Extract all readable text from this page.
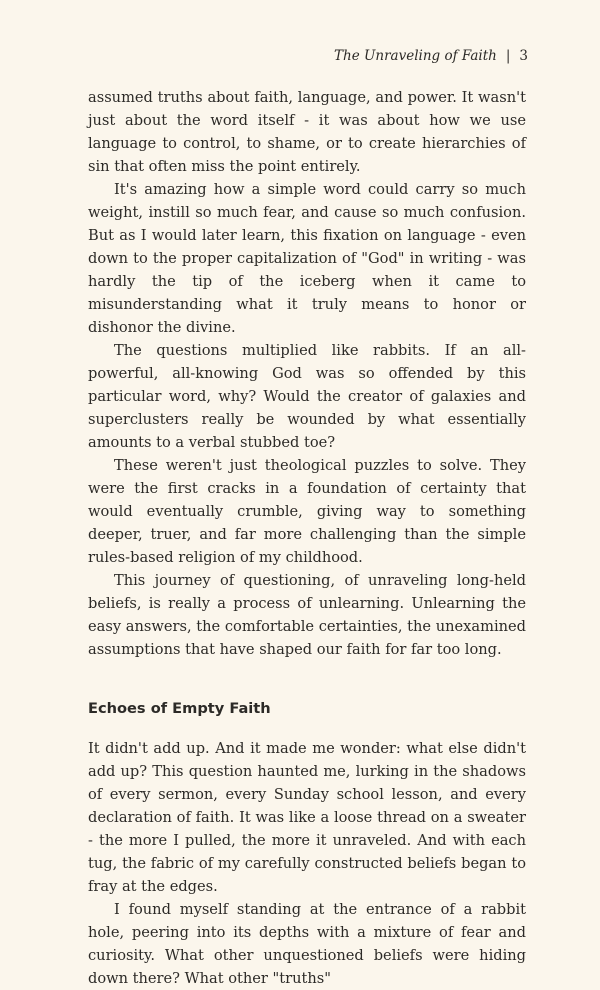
The Unraveling of Faith | 3

assumed truths about faith, language, and power. It wasn't just about the word itself - it was about how we use language to control, to shame, or to create hierarchies of sin that often miss the point entirely.

It's amazing how a simple word could carry so much weight, instill so much fear, and cause so much confusion. But as I would later learn, this fixation on language - even down to the proper capitalization of "God" in writing - was hardly the tip of the iceberg when it came to misunderstanding what it truly means to honor or dishonor the divine.

The questions multiplied like rabbits. If an all-powerful, all-knowing God was so offended by this particular word, why? Would the creator of galaxies and superclusters really be wounded by what essentially amounts to a verbal stubbed toe?

These weren't just theological puzzles to solve. They were the first cracks in a foundation of certainty that would eventually crumble, giving way to something deeper, truer, and far more challenging than the simple rules-based religion of my childhood.

This journey of questioning, of unraveling long-held beliefs, is really a process of unlearning. Unlearning the easy answers, the comfortable certainties, the unexamined assumptions that have shaped our faith for far too long.

Echoes of Empty Faith

It didn't add up. And it made me wonder: what else didn't add up? This question haunted me, lurking in the shadows of every sermon, every Sunday school lesson, and every declaration of faith. It was like a loose thread on a sweater - the more I pulled, the more it unraveled. And with each tug, the fabric of my carefully constructed beliefs began to fray at the edges.

I found myself standing at the entrance of a rabbit hole, peering into its depths with a mixture of fear and curiosity. What other unquestioned beliefs were hiding down there? What other "truths"
